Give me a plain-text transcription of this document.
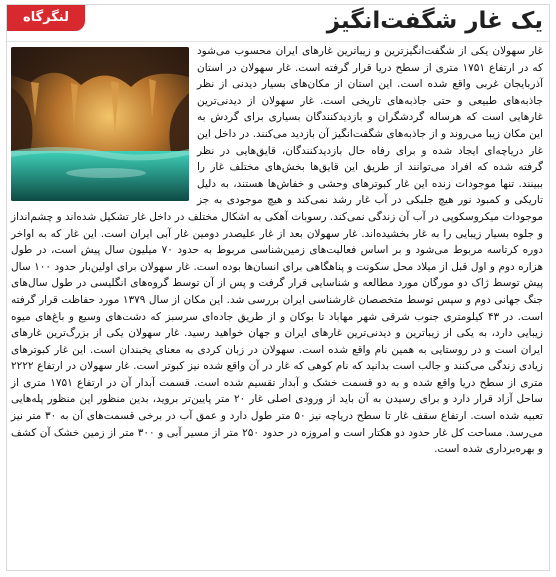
لنگرگاه	یک غار شگفت‌انگیز
غار سهولان یکی از شگفت‌انگیزترین و زیباترین غارهای ایران محسوب می‌شود که در ارتفاع ۱۷۵۱ متری از سطح دریا قرار گرفته است. غار سهولان در استان آذربایجان غربی واقع شده است. این استان از مکان‌های بسیار دیدنی از نظر جاذبه‌های طبیعی و حتی جاذبه‌های تاریخی است. غار سهولان از دیدنی‌ترین غارهایی است که هرساله گردشگران و بازدیدکنندگان بسیاری برای گردش به این مکان زیبا می‌روند و از جاذبه‌های شگفت‌انگیز آن بازدید می‌کنند. در داخل این غار دریاچه‌ای ایجاد شده و برای رفاه حال بازدیدکنندگان، قایق‌هایی در نظر گرفته شده که افراد می‌توانند از طریق این قایق‌ها بخش‌های مختلف غار را ببینند. تنها موجودات زنده این غار کبوترهای وحشی و خفاش‌ها هستند، به دلیل تاریکی و کمبود نور هیچ جلبکی در آب غار رشد نمی‌کند و هیچ موجودی به جز موجودات میکروسکوپی در آب آن زندگی نمی‌کند. رسوبات آهکی به اشکال مختلف در داخل غار تشکیل شده‌اند و چشم‌انداز و جلوه بسیار زیبایی را به غار بخشیده‌اند. غار سهولان بعد از غار علیصدر دومین غار آبی ایران است. این غار که به اواخر دوره کرتاسه مربوط می‌شود و بر اساس فعالیت‌های زمین‌شناسی مربوط به حدود ۷۰ میلیون سال پیش است، در طول هزاره دوم و اول قبل از میلاد محل سکونت و پناهگاهی برای انسان‌ها بوده است. غار سهولان برای اولین‌بار حدود ۱۰۰ سال پیش توسط ژاک دو مورگان مورد مطالعه و شناسایی قرار گرفت و پس از آن توسط گروه‌های انگلیسی در طول سال‌های جنگ جهانی دوم و سپس توسط متخصصان غارشناسی ایران بررسی شد. این مکان از سال ۱۳۷۹ مورد حفاظت قرار گرفته است. در ۴۳ کیلومتری جنوب شرقی شهر مهاباد تا بوکان و از طریق جاده‌ای سرسبز که دشت‌های وسیع و باغ‌های میوه زیبایی دارد، به یکی از زیباترین و دیدنی‌ترین غارهای ایران و جهان خواهید رسید. غار سهولان یکی از بزرگ‌ترین غارهای ایران است و در روستایی به همین نام واقع شده است. سهولان در زبان کردی به معنای یخبندان است. این غار کبوترهای زیادی زندگی می‌کنند و جالب است بدانید که نام کوهی که غار در آن واقع شده نیز کبوتر است. غار سهولان در ارتفاع ۲۲۲۲ متری از سطح دریا واقع شده و به دو قسمت خشک و آبدار تقسیم شده است. قسمت آبدار آن در ارتفاع ۱۷۵۱ متری از ساحل آزاد قرار دارد و برای رسیدن به آن باید از ورودی اصلی غار ۲۰ متر پایین‌تر بروید، بدین منظور این منظور پله‌هایی تعبیه شده است. ارتفاع سقف غار تا سطح دریاچه نیز ۵۰ متر طول دارد و عمق آب در برخی قسمت‌های آن به ۳۰ متر نیز می‌رسد. مساحت کل غار حدود دو هکتار است و امروزه در حدود ۲۵۰ متر از مسیر آبی و ۳۰۰ متر از زمین خشک آن کشف و بهره‌برداری شده است.
